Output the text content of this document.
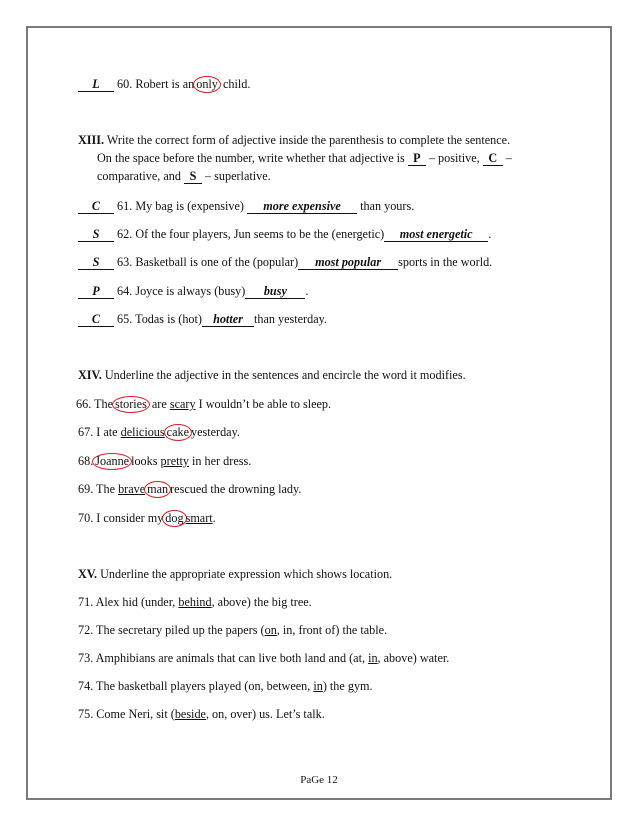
L 60. Robert is an only child.
XIII. Write the correct form of adjective inside the parenthesis to complete the sentence.
On the space before the number, write whether that adjective is P – positive, C –
comparative, and S – superlative.
C 61. My bag is (expensive) more expensive than yours.
S 62. Of the four players, Jun seems to be the (energetic) most energetic .
S 63. Basketball is one of the (popular) most popular sports in the world.
P 64. Joyce is always (busy) busy .
C 65. Todas is (hot) hotter than yesterday.
XIV. Underline the adjective in the sentences and encircle the word it modifies.
66. The stories are scary I wouldn’t be able to sleep.
67. I ate delicious cake yesterday.
68. Joanne looks pretty in her dress.
69. The brave man rescued the drowning lady.
70. I consider my dog smart.
XV. Underline the appropriate expression which shows location.
71. Alex hid (under, behind, above) the big tree.
72. The secretary piled up the papers (on, in, front of) the table.
73. Amphibians are animals that can live both land and (at, in, above) water.
74. The basketball players played (on, between, in) the gym.
75. Come Neri, sit (beside, on, over) us. Let’s talk.
PaGe 12
